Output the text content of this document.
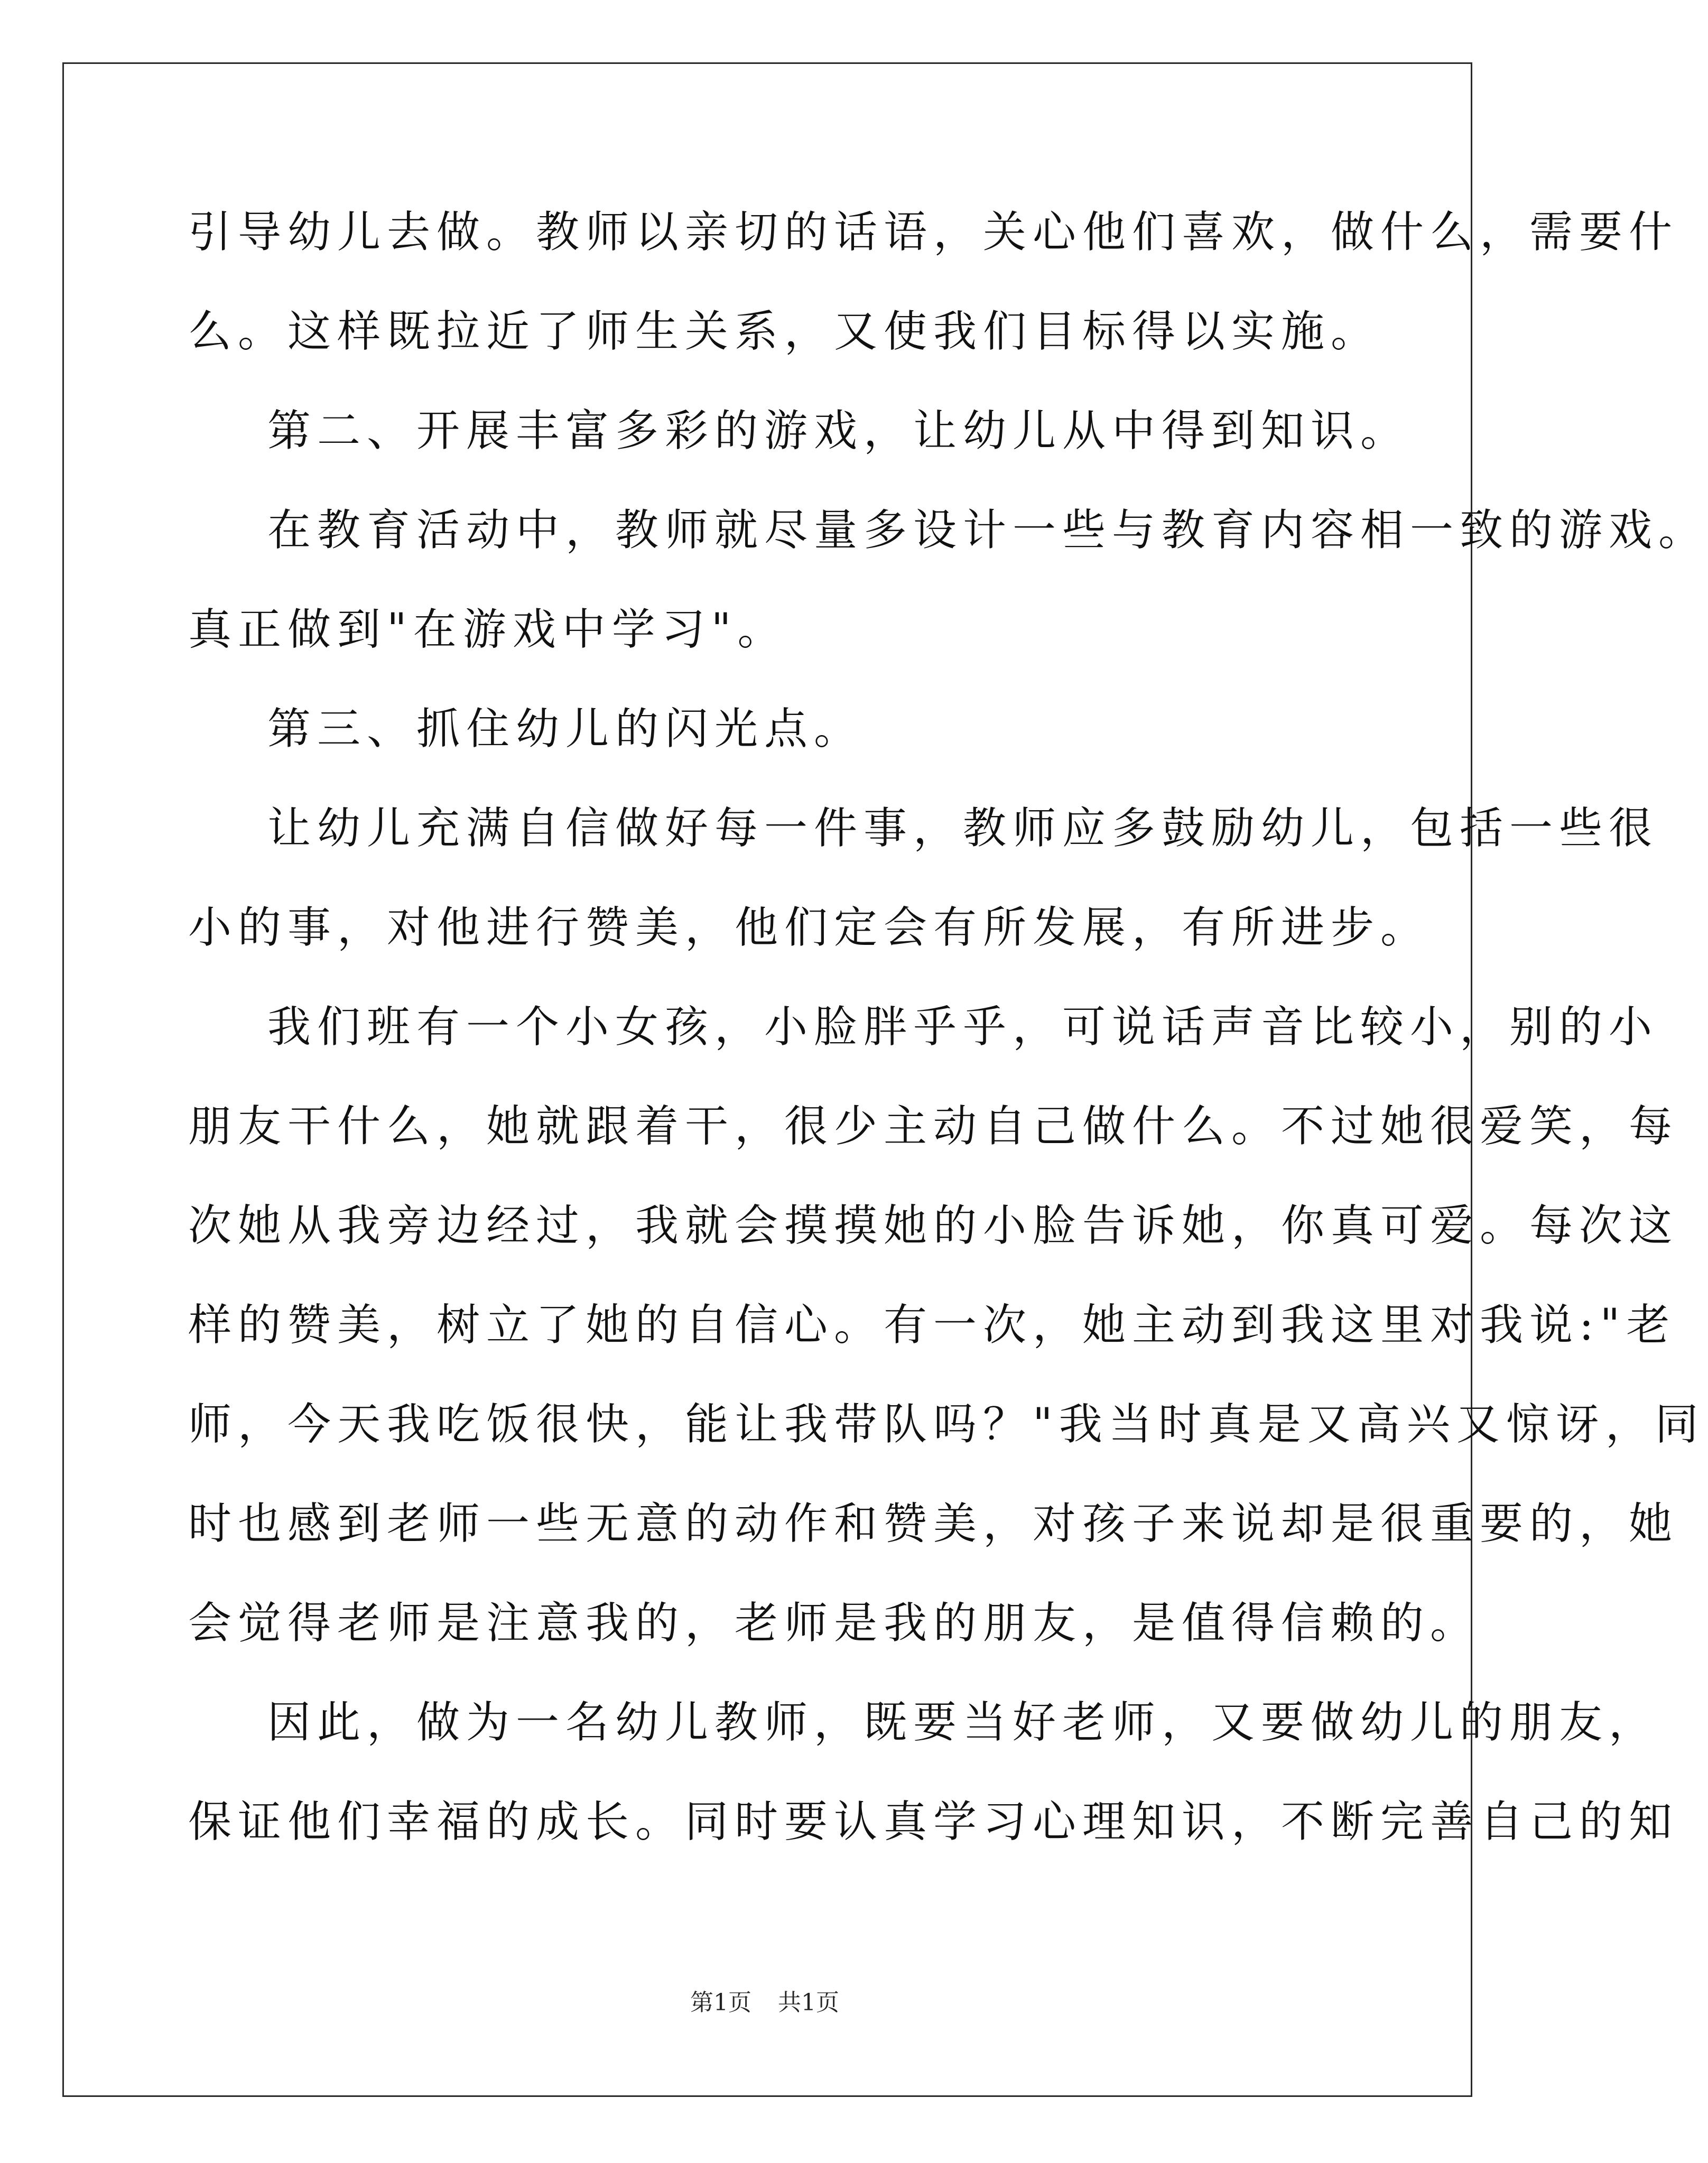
引导幼儿去做。教师以亲切的话语，关心他们喜欢，做什么，需要什
么。这样既拉近了师生关系，又使我们目标得以实施。
第二、开展丰富多彩的游戏，让幼儿从中得到知识。
在教育活动中，教师就尽量多设计一些与教育内容相一致的游戏。
真正做到"在游戏中学习"。
第三、抓住幼儿的闪光点。
让幼儿充满自信做好每一件事，教师应多鼓励幼儿，包括一些很
小的事，对他进行赞美，他们定会有所发展，有所进步。
我们班有一个小女孩，小脸胖乎乎，可说话声音比较小，别的小
朋友干什么，她就跟着干，很少主动自己做什么。不过她很爱笑，每
次她从我旁边经过，我就会摸摸她的小脸告诉她，你真可爱。每次这
样的赞美，树立了她的自信心。有一次，她主动到我这里对我说:"老
师，今天我吃饭很快，能让我带队吗？"我当时真是又高兴又惊讶，同
时也感到老师一些无意的动作和赞美，对孩子来说却是很重要的，她
会觉得老师是注意我的，老师是我的朋友，是值得信赖的。
因此，做为一名幼儿教师，既要当好老师，又要做幼儿的朋友，
保证他们幸福的成长。同时要认真学习心理知识，不断完善自己的知
第1页 共1页
